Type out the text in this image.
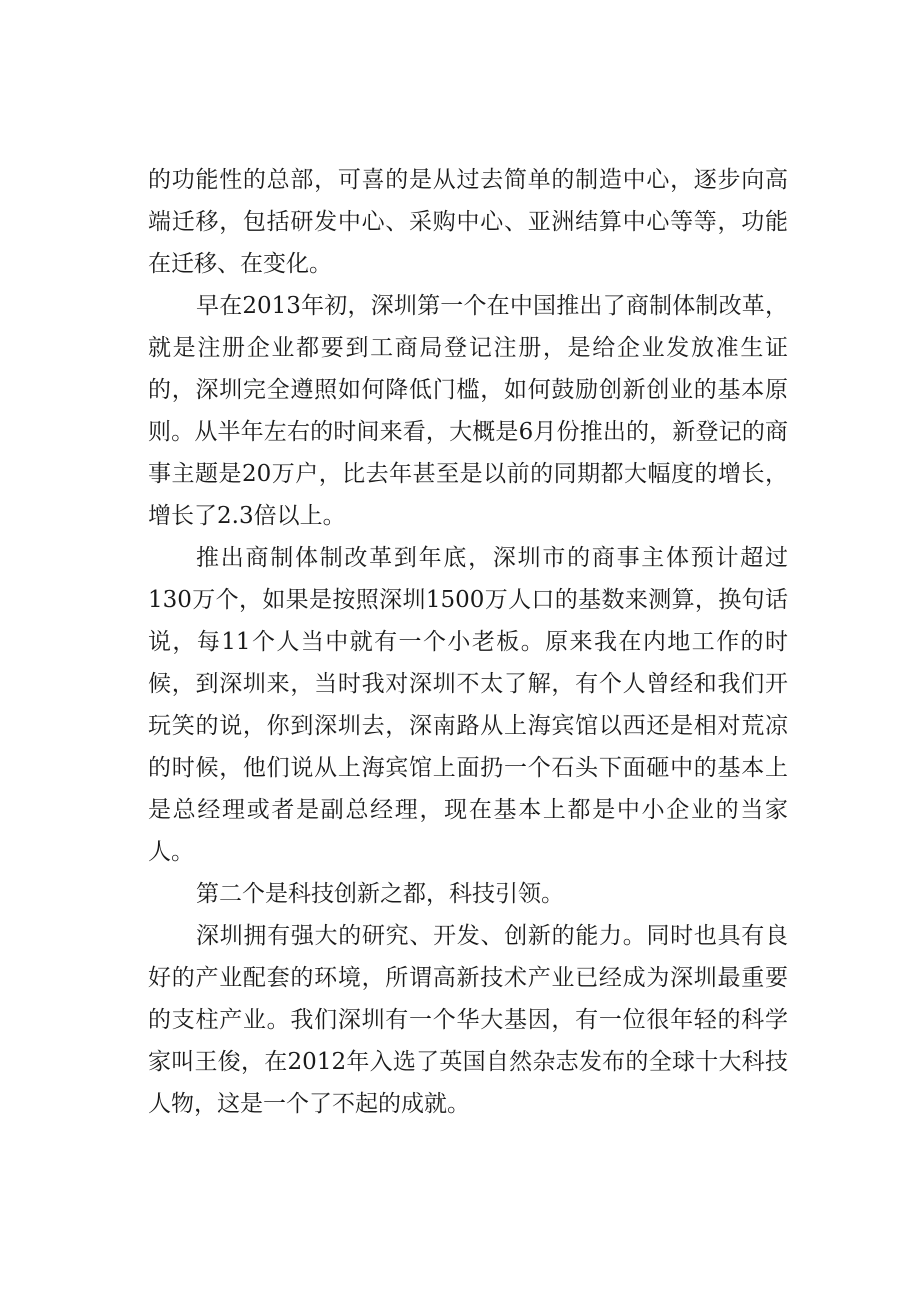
的功能性的总部，可喜的是从过去简单的制造中心，逐步向高端迁移，包括研发中心、采购中心、亚洲结算中心等等，功能在迁移、在变化。

早在2013年初，深圳第一个在中国推出了商制体制改革，就是注册企业都要到工商局登记注册，是给企业发放准生证的，深圳完全遵照如何降低门槛，如何鼓励创新创业的基本原则。从半年左右的时间来看，大概是6月份推出的，新登记的商事主题是20万户，比去年甚至是以前的同期都大幅度的增长，增长了2.3倍以上。

推出商制体制改革到年底，深圳市的商事主体预计超过130万个，如果是按照深圳1500万人口的基数来测算，换句话说，每11个人当中就有一个小老板。原来我在内地工作的时候，到深圳来，当时我对深圳不太了解，有个人曾经和我们开玩笑的说，你到深圳去，深南路从上海宾馆以西还是相对荒凉的时候，他们说从上海宾馆上面扔一个石头下面砸中的基本上是总经理或者是副总经理，现在基本上都是中小企业的当家人。

第二个是科技创新之都，科技引领。

深圳拥有强大的研究、开发、创新的能力。同时也具有良好的产业配套的环境，所谓高新技术产业已经成为深圳最重要的支柱产业。我们深圳有一个华大基因，有一位很年轻的科学家叫王俊，在2012年入选了英国自然杂志发布的全球十大科技人物，这是一个了不起的成就。
